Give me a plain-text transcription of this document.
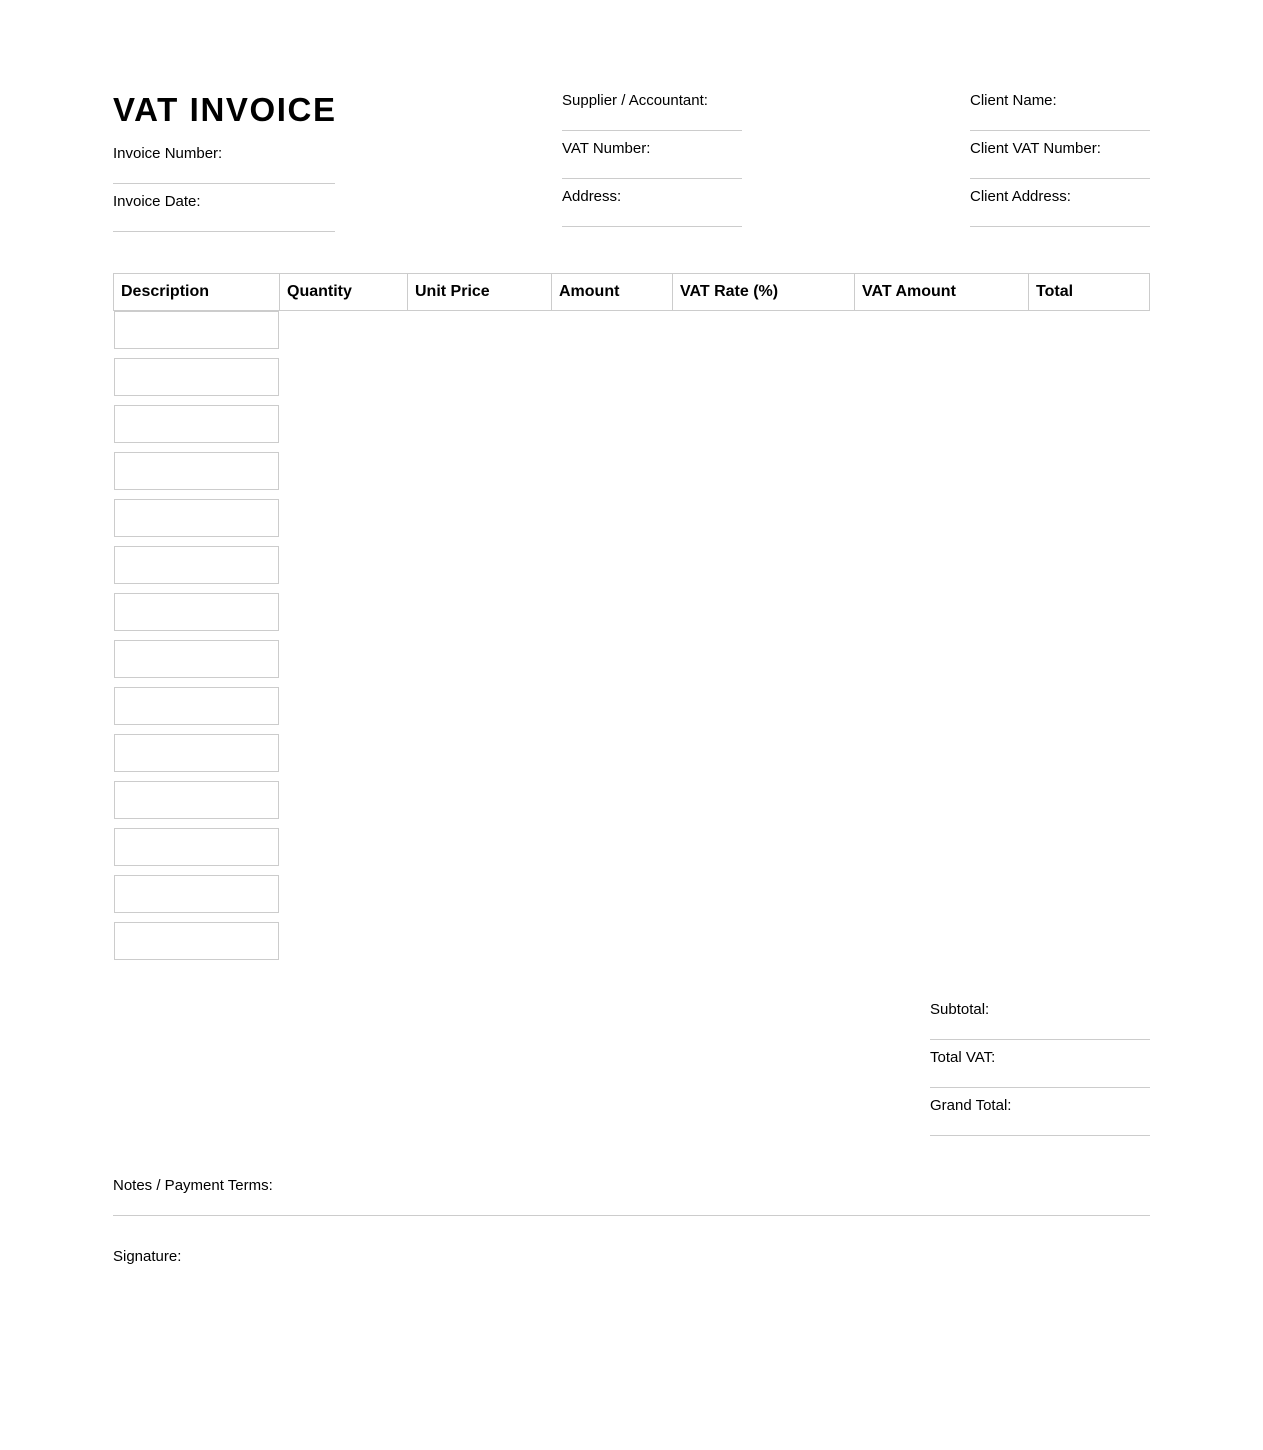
VAT INVOICE
Invoice Number:
Invoice Date:
Supplier / Accountant:
VAT Number:
Address:
Client Name:
Client VAT Number:
Client Address:
Description	Quantity	Unit Price	Amount	VAT Rate (%)	VAT Amount	Total
Subtotal:
Total VAT:
Grand Total:
Notes / Payment Terms:
Signature:
